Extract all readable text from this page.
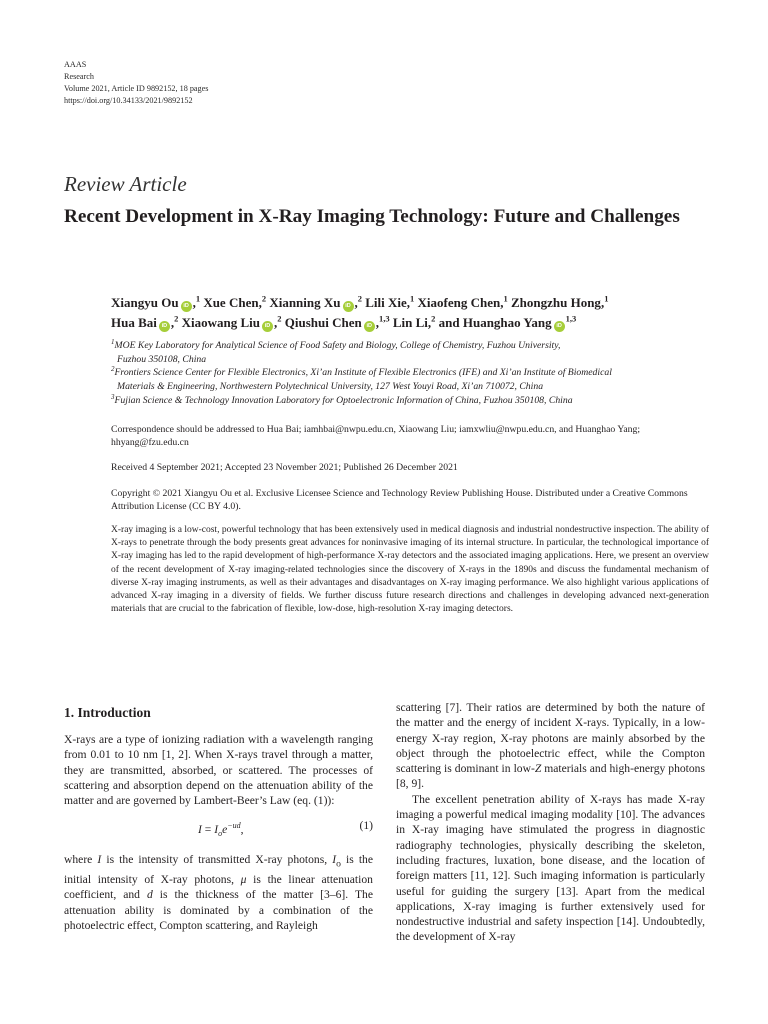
AAAS
Research
Volume 2021, Article ID 9892152, 18 pages
https://doi.org/10.34133/2021/9892152
Review Article
Recent Development in X-Ray Imaging Technology: Future and Challenges
Xiangyu Ou iD ,$^1$ Xue Chen,$^2$ Xianning Xu iD ,$^2$ Lili Xie,$^1$ Xiaofeng Chen,$^1$ Zhongzhu Hong,$^1$
Hua Bai iD ,$^2$ Xiaowang Liu iD ,$^2$ Qiushui Chen iD ,$^{1,3}$ Lin Li,$^2$ and Huanghao Yang iD$^{1,3}$
$^1$MOE Key Laboratory for Analytical Science of Food Safety and Biology, College of Chemistry, Fuzhou University,
Fuzhou 350108, China
$^2$Frontiers Science Center for Flexible Electronics, Xi’an Institute of Flexible Electronics (IFE) and Xi’an Institute of Biomedical
Materials & Engineering, Northwestern Polytechnical University, 127 West Youyi Road, Xi’an 710072, China
$^3$Fujian Science & Technology Innovation Laboratory for Optoelectronic Information of China, Fuzhou 350108, China
Correspondence should be addressed to Hua Bai; iamhbai@nwpu.edu.cn, Xiaowang Liu; iamxwliu@nwpu.edu.cn, and Huanghao Yang; hhyang@fzu.edu.cn
Received 4 September 2021; Accepted 23 November 2021; Published 26 December 2021
Copyright © 2021 Xiangyu Ou et al. Exclusive Licensee Science and Technology Review Publishing House. Distributed under a Creative Commons Attribution License (CC BY 4.0).
X-ray imaging is a low-cost, powerful technology that has been extensively used in medical diagnosis and industrial nondestructive inspection. The ability of X-rays to penetrate through the body presents great advances for noninvasive imaging of its internal structure. In particular, the technological importance of X-ray imaging has led to the rapid development of high-performance X-ray detectors and the associated imaging applications. Here, we present an overview of the recent development of X-ray imaging-related technologies since the discovery of X-rays in the 1890s and discuss the fundamental mechanism of diverse X-ray imaging instruments, as well as their advantages and disadvantages on X-ray imaging performance. We also highlight various applications of advanced X-ray imaging in a diversity of fields. We further discuss future research directions and challenges in developing advanced next-generation materials that are crucial to the fabrication of flexible, low-dose, high-resolution X-ray imaging detectors.
1. Introduction

X-rays are a type of ionizing radiation with a wavelength ranging from 0.01 to 10 nm [1, 2]. When X-rays travel through a matter, they are transmitted, absorbed, or scattered. The processes of scattering and absorption depend on the attenuation ability of the matter and are governed by Lambert-Beer’s Law (eq. (1)):

$I = I_oe^{-ud}$,	(1)

where I is the intensity of transmitted X-ray photons, $I_o$ is the initial intensity of X-ray photons, μ is the linear attenuation coefficient, and d is the thickness of the matter [3–6]. The attenuation ability is dominated by a combination of the photoelectric effect, Compton scattering, and Rayleigh

scattering [7]. Their ratios are determined by both the nature of the matter and the energy of incident X-rays. Typically, in a low-energy X-ray region, X-ray photons are mainly absorbed by the object through the photoelectric effect, while the Compton scattering is dominant in low-Z materials and high-energy photons [8, 9].

The excellent penetration ability of X-rays has made X-ray imaging a powerful medical imaging modality [10]. The advances in X-ray imaging have stimulated the progress in diagnostic radiography technologies, physically describing the skeleton, including fractures, luxation, bone disease, and the location of foreign matters [11, 12]. Such imaging information is particularly useful for guiding the surgery [13]. Apart from the medical applications, X-ray imaging is further extensively used for nondestructive industrial and safety inspection [14]. Undoubtedly, the development of X-ray
